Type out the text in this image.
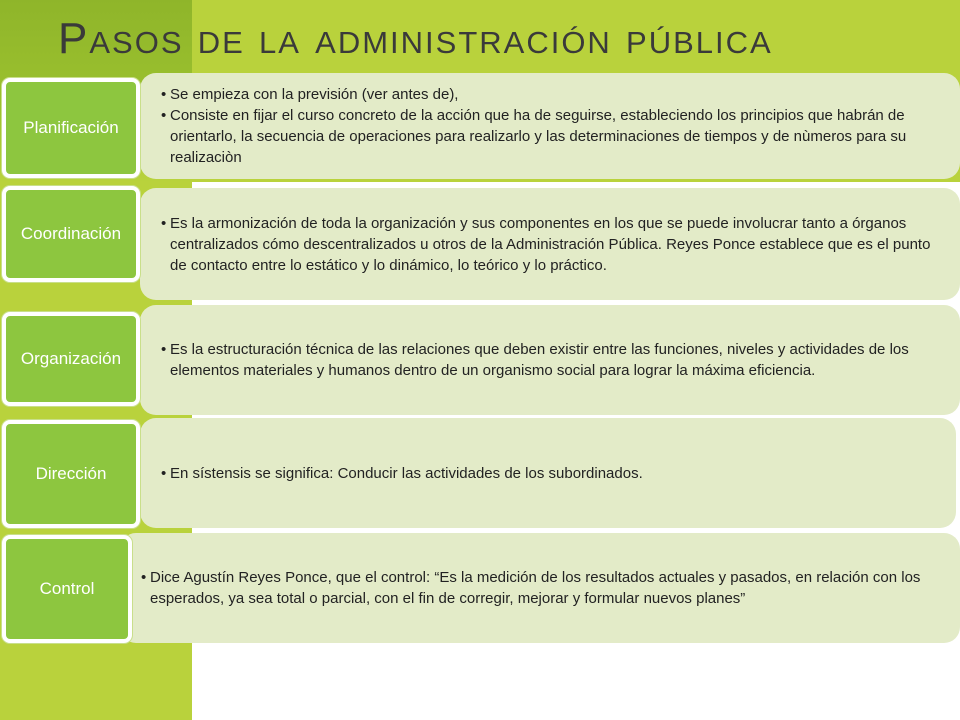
Pasos de la administración pública
• Se empieza con la previsión (ver antes de),
• Consiste en fijar el curso concreto de la acción que ha de seguirse, estableciendo los principios que habrán de orientarlo, la secuencia de operaciones para realizarlo y las determinaciones de tiempos y de nùmeros para su realizaciòn
Planificación
• Es la armonización de toda la organización y sus componentes en los que se puede involucrar tanto a órganos centralizados cómo descentralizados u otros de la Administración Pública. Reyes Ponce establece que es el punto de contacto entre lo estático y lo dinámico, lo teórico y lo práctico.
Coordinación
• Es la estructuración técnica de las relaciones que deben existir entre las funciones, niveles y actividades de los elementos materiales y humanos dentro de un organismo social para lograr la máxima eficiencia.
Organización
• En sístensis se significa: Conducir las actividades de los subordinados.
Dirección
• Dice Agustín Reyes Ponce, que el control: “Es la medición de los resultados actuales y pasados, en relación con los esperados, ya sea total o parcial, con el fin de corregir, mejorar y formular nuevos planes”
Control
